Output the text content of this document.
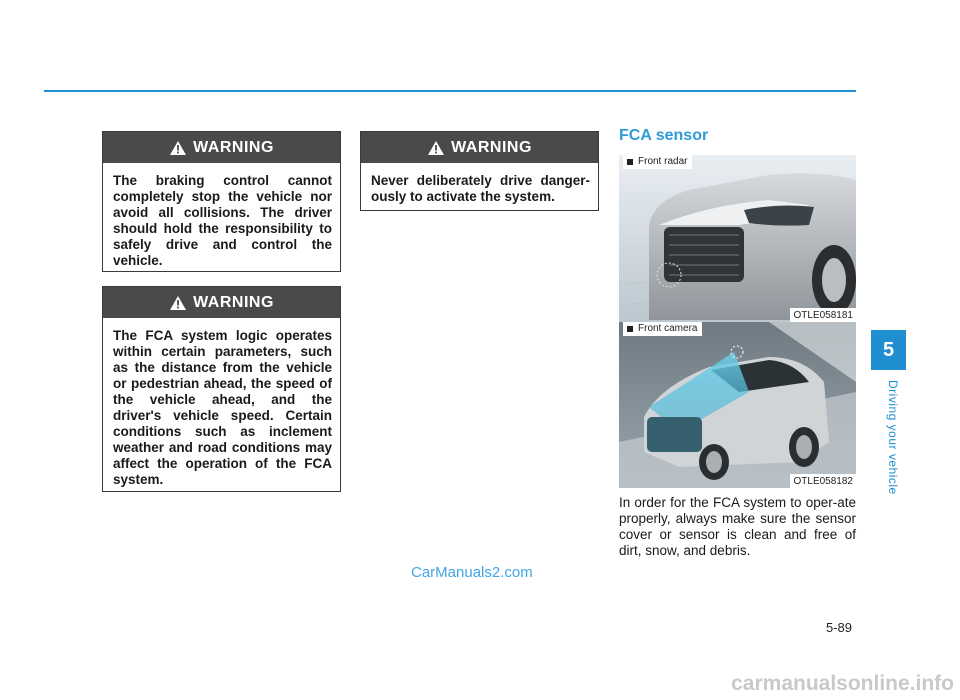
WARNING
The braking control cannot completely stop the vehicle nor avoid all collisions. The driver should hold the responsibility to safely drive and control the vehicle.
WARNING
The FCA system logic operates within certain parameters, such as the distance from the vehicle or pedestrian ahead, the speed of the vehicle ahead, and the driver's vehicle speed. Certain conditions such as inclement weather and road conditions may affect the operation of the FCA system.
WARNING
Never deliberately drive danger-ously to activate the system.
FCA sensor
Front radar
OTLE058181
Front camera
OTLE058182
In order for the FCA system to oper-ate properly, always make sure the sensor cover or sensor is clean and free of dirt, snow, and debris.
5
Driving your vehicle
CarManuals2.com
5-89
carmanualsonline.info
